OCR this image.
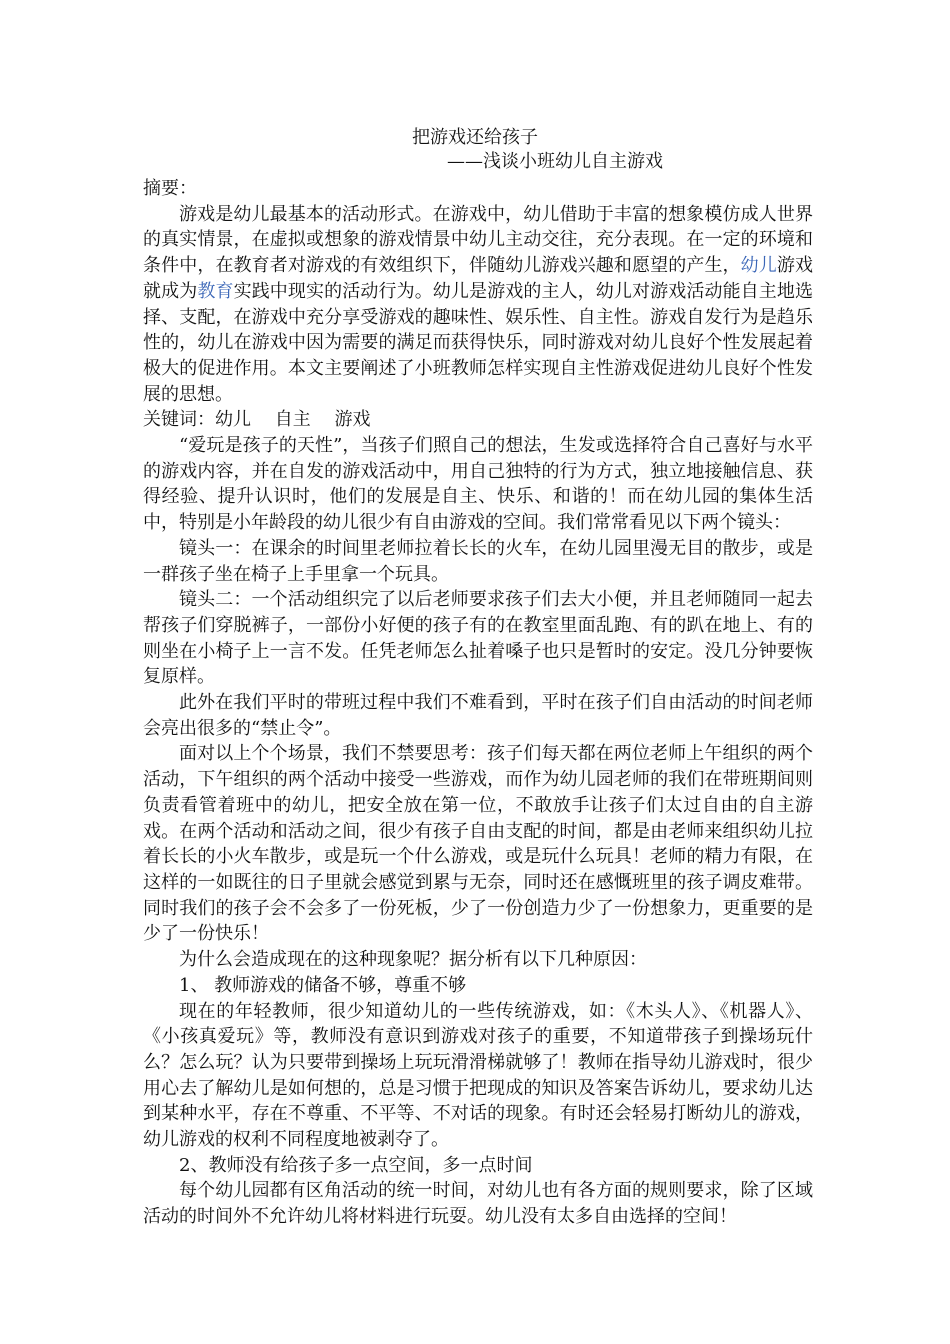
把游戏还给孩子
——浅谈小班幼儿自主游戏

摘要：

游戏是幼儿最基本的活动形式。在游戏中，幼儿借助于丰富的想象模仿成人世界的真实情景，在虚拟或想象的游戏情景中幼儿主动交往，充分表现。在一定的环境和条件中，在教育者对游戏的有效组织下，伴随幼儿游戏兴趣和愿望的产生，幼儿游戏就成为教育实践中现实的活动行为。幼儿是游戏的主人，幼儿对游戏活动能自主地选择、支配，在游戏中充分享受游戏的趣味性、娱乐性、自主性。游戏自发行为是趋乐性的，幼儿在游戏中因为需要的满足而获得快乐，同时游戏对幼儿良好个性发展起着极大的促进作用。本文主要阐述了小班教师怎样实现自主性游戏促进幼儿良好个性发展的思想。

关键词：幼儿　 自主　 游戏

“爱玩是孩子的天性”，当孩子们照自己的想法，生发或选择符合自己喜好与水平的游戏内容，并在自发的游戏活动中，用自己独特的行为方式，独立地接触信息、获得经验、提升认识时，他们的发展是自主、快乐、和谐的！而在幼儿园的集体生活中，特别是小年龄段的幼儿很少有自由游戏的空间。我们常常看见以下两个镜头：

镜头一：在课余的时间里老师拉着长长的火车，在幼儿园里漫无目的散步，或是一群孩子坐在椅子上手里拿一个玩具。

镜头二：一个活动组织完了以后老师要求孩子们去大小便，并且老师随同一起去帮孩子们穿脱裤子，一部份小好便的孩子有的在教室里面乱跑、有的趴在地上、有的则坐在小椅子上一言不发。任凭老师怎么扯着嗓子也只是暂时的安定。没几分钟要恢复原样。

此外在我们平时的带班过程中我们不难看到，平时在孩子们自由活动的时间老师会亮出很多的“禁止令”。

面对以上个个场景，我们不禁要思考：孩子们每天都在两位老师上午组织的两个活动，下午组织的两个活动中接受一些游戏，而作为幼儿园老师的我们在带班期间则负责看管着班中的幼儿，把安全放在第一位，不敢放手让孩子们太过自由的自主游戏。在两个活动和活动之间，很少有孩子自由支配的时间，都是由老师来组织幼儿拉着长长的小火车散步，或是玩一个什么游戏，或是玩什么玩具！老师的精力有限，在这样的一如既往的日子里就会感觉到累与无奈，同时还在感慨班里的孩子调皮难带。同时我们的孩子会不会多了一份死板，少了一份创造力少了一份想象力，更重要的是少了一份快乐！

为什么会造成现在的这种现象呢？据分析有以下几种原因：

1、 教师游戏的储备不够，尊重不够

现在的年轻教师，很少知道幼儿的一些传统游戏，如：《木头人》、《机器人》、《小孩真爱玩》等，教师没有意识到游戏对孩子的重要，不知道带孩子到操场玩什么？怎么玩？认为只要带到操场上玩玩滑滑梯就够了！教师在指导幼儿游戏时，很少用心去了解幼儿是如何想的，总是习惯于把现成的知识及答案告诉幼儿，要求幼儿达到某种水平，存在不尊重、不平等、不对话的现象。有时还会轻易打断幼儿的游戏，幼儿游戏的权利不同程度地被剥夺了。

2、教师没有给孩子多一点空间，多一点时间

每个幼儿园都有区角活动的统一时间，对幼儿也有各方面的规则要求，除了区域活动的时间外不允许幼儿将材料进行玩耍。幼儿没有太多自由选择的空间！
